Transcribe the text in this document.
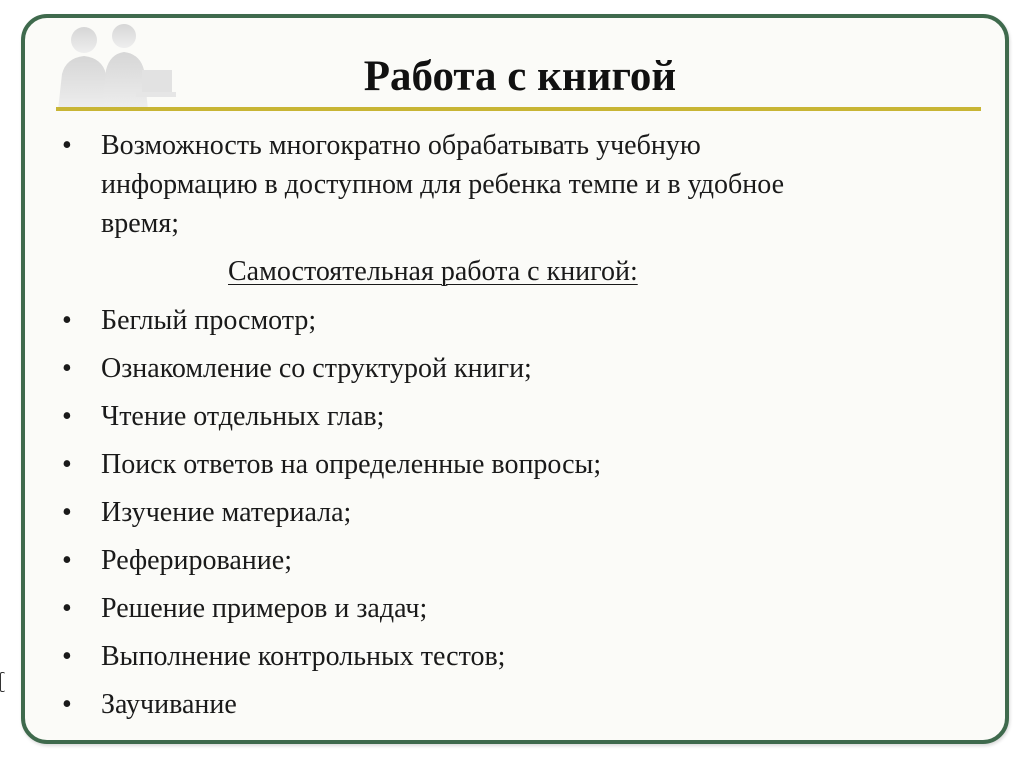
Работа с книгой
•	Возможность многократно обрабатывать учебную информацию в доступном для ребенка темпе и в удобное время;
Самостоятельная работа с книгой:
•	Беглый просмотр;
•	Ознакомление со структурой книги;
•	Чтение отдельных глав;
•	Поиск ответов на определенные вопросы;
•	Изучение материала;
•	Реферирование;
•	Решение примеров и задач;
•	Выполнение контрольных тестов;
•	Заучивание
